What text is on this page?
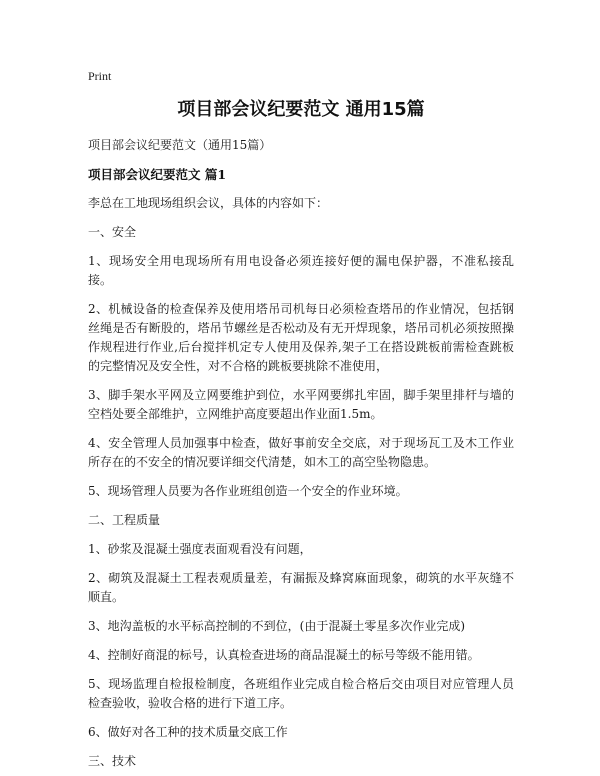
Print
项目部会议纪要范文 通用15篇
项目部会议纪要范文（通用15篇）
项目部会议纪要范文 篇1
李总在工地现场组织会议，具体的内容如下：
一、安全
1、现场安全用电现场所有用电设备必须连接好便的漏电保护器，不准私接乱接。
2、机械设备的检查保养及使用塔吊司机每日必须检查塔吊的作业情况，包括钢丝绳是否有断股的，塔吊节螺丝是否松动及有无开焊现象，塔吊司机必须按照操作规程进行作业,后台搅拌机定专人使用及保养,架子工在搭设跳板前需检查跳板的完整情况及安全性，对不合格的跳板要挑除不准使用，
3、脚手架水平网及立网要维护到位，水平网要绑扎牢固，脚手架里排杆与墙的空档处要全部维护，立网维护高度要超出作业面1.5m。
4、安全管理人员加强事中检查，做好事前安全交底，对于现场瓦工及木工作业所存在的不安全的情况要详细交代清楚，如木工的高空坠物隐患。
5、现场管理人员要为各作业班组创造一个安全的作业环境。
二、工程质量
1、砂浆及混凝土强度表面观看没有问题，
2、砌筑及混凝土工程表观质量差，有漏振及蜂窝麻面现象，砌筑的水平灰缝不顺直。
3、地沟盖板的水平标高控制的不到位，(由于混凝土零星多次作业完成)
4、控制好商混的标号，认真检查进场的商品混凝土的标号等级不能用错。
5、现场监理自检报检制度，各班组作业完成自检合格后交由项目对应管理人员检查验收，验收合格的进行下道工序。
6、做好对各工种的技术质量交底工作
三、技术
